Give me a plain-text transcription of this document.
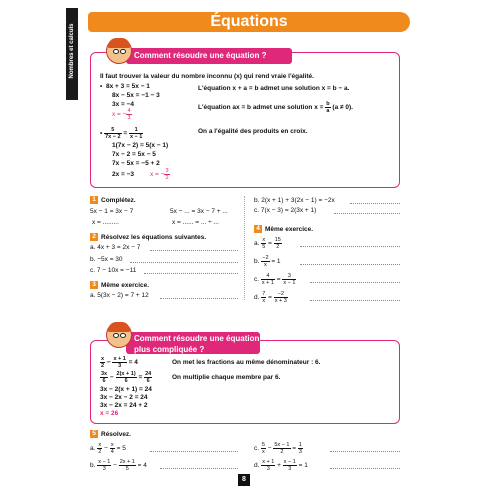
Nombres et calculs
Équations
Comment résoudre une équation ?
Il faut trouver la valeur du nombre inconnu (x) qui rend vraie l'égalité.
• 8x + 3 = 5x − 1
8x − 5x = −1 − 3
3x = −4
x = − $\frac{4}{3}$
L'équation x + a = b admet une solution x = b − a.
L'équation ax = b admet une solution $x = \frac{b}{a} (a \ne 0)$.
• $\frac{5}{7x - 2} = \frac{1}{x - 1}$	On a l'égalité des produits en croix.
1(7x − 2) = 5(x − 1)
7x − 2 = 5x − 5
7x − 5x = −5 + 2
2x = −3 x = − $\frac{3}{2}$
1 Complétez.
5x − 1 = 3x − 7	5x − ... = 3x − 7 + ...
x = .........	x = ...... = ... ÷ ...
2 Résolvez les équations suivantes.
a. 4x + 3 = 2x − 7
b. −5x = 30
c. 7 − 10x = −11
3 Même exercice.
a. 5(3x − 2) = 7 + 12
b. 2(x + 1) + 3(2x − 1) = −2x
c. 7(x − 3) = 2(3x + 1)
4 Même exercice.
a. $\frac{x}{5} = \frac{15}{2}$
b. $\frac{-2}{x} = 1$
c. $\frac{4}{x + 1} = \frac{3}{x - 1}$
d. $\frac{7}{x} = \frac{-2}{x + 3}$
Comment résoudre une équation
plus compliquée ?
$\frac{x}{2} - \frac{x + 1}{3} = 4$	On met les fractions au même dénominateur : 6.
$\frac{3x}{6} - \frac{2(x + 1)}{6} = \frac{24}{6}$	On multiplie chaque membre par 6.
3x − 2(x + 1) = 24
3x − 2x − 2 = 24
3x − 2x = 24 + 2
x = 26
5 Résolvez.
a. $\frac{x}{2} - \frac{x}{4} = 5$
b. $\frac{x - 1}{3} - \frac{2x + 1}{5} = 4$
c. $\frac{5}{x} - \frac{5x - 1}{2} = \frac{1}{3}$
d. $\frac{x + 1}{3} + \frac{x - 1}{3} = 1$
8
